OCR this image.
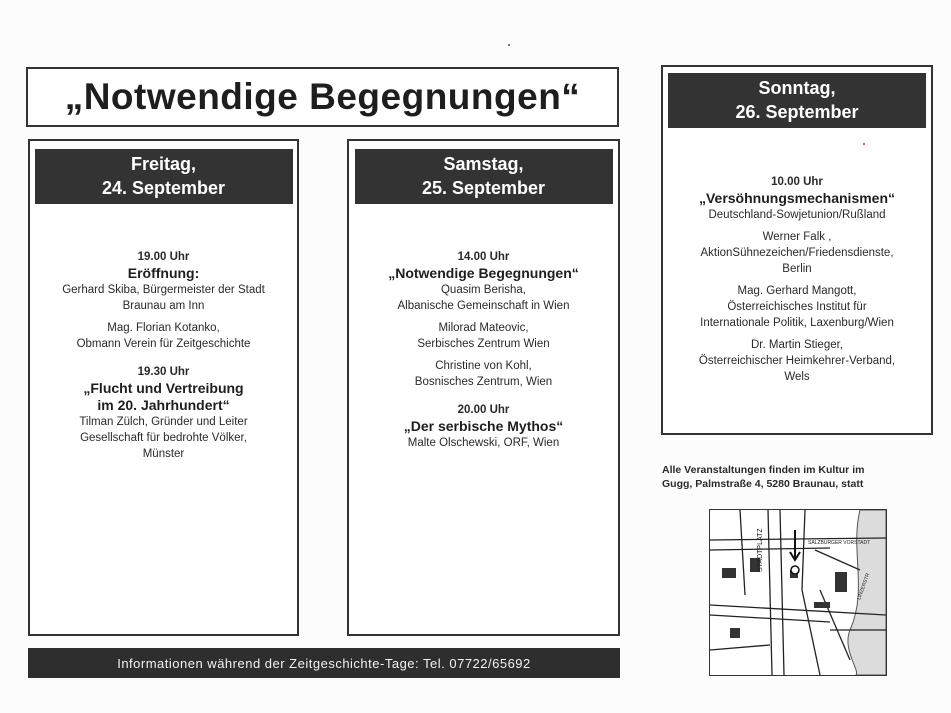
„Notwendige Begegnungen“
Freitag,
24. September
19.00 Uhr
Eröffnung:
Gerhard Skiba, Bürgermeister der Stadt
Braunau am Inn
Mag. Florian Kotanko,
Obmann Verein für Zeitgeschichte
19.30 Uhr
„Flucht und Vertreibung
im 20. Jahrhundert“
Tilman Zülch, Gründer und Leiter
Gesellschaft für bedrohte Völker,
Münster
Samstag,
25. September
14.00 Uhr
„Notwendige Begegnungen“
Quasim Berisha,
Albanische Gemeinschaft in Wien
Milorad Mateovic,
Serbisches Zentrum Wien
Christine von Kohl,
Bosnisches Zentrum, Wien
20.00 Uhr
„Der serbische Mythos“
Malte Olschewski, ORF, Wien
Sonntag,
26. September
10.00 Uhr
„Versöhnungsmechanismen“
Deutschland-Sowjetunion/Rußland
Werner Falk ,
AktionSühnezeichen/Friedensdienste,
Berlin
Mag. Gerhard Mangott,
Österreichisches Institut für
Internationale Politik, Laxenburg/Wien
Dr. Martin Stieger,
Österreichischer Heimkehrer-Verband,
Wels
Alle Veranstaltungen finden im Kultur im
Gugg, Palmstraße 4, 5280 Braunau, statt
STADTPLATZ	SALZBURGER VORSTADT
LINZERSTR
Informationen während der Zeitgeschichte-Tage: Tel. 07722/65692
